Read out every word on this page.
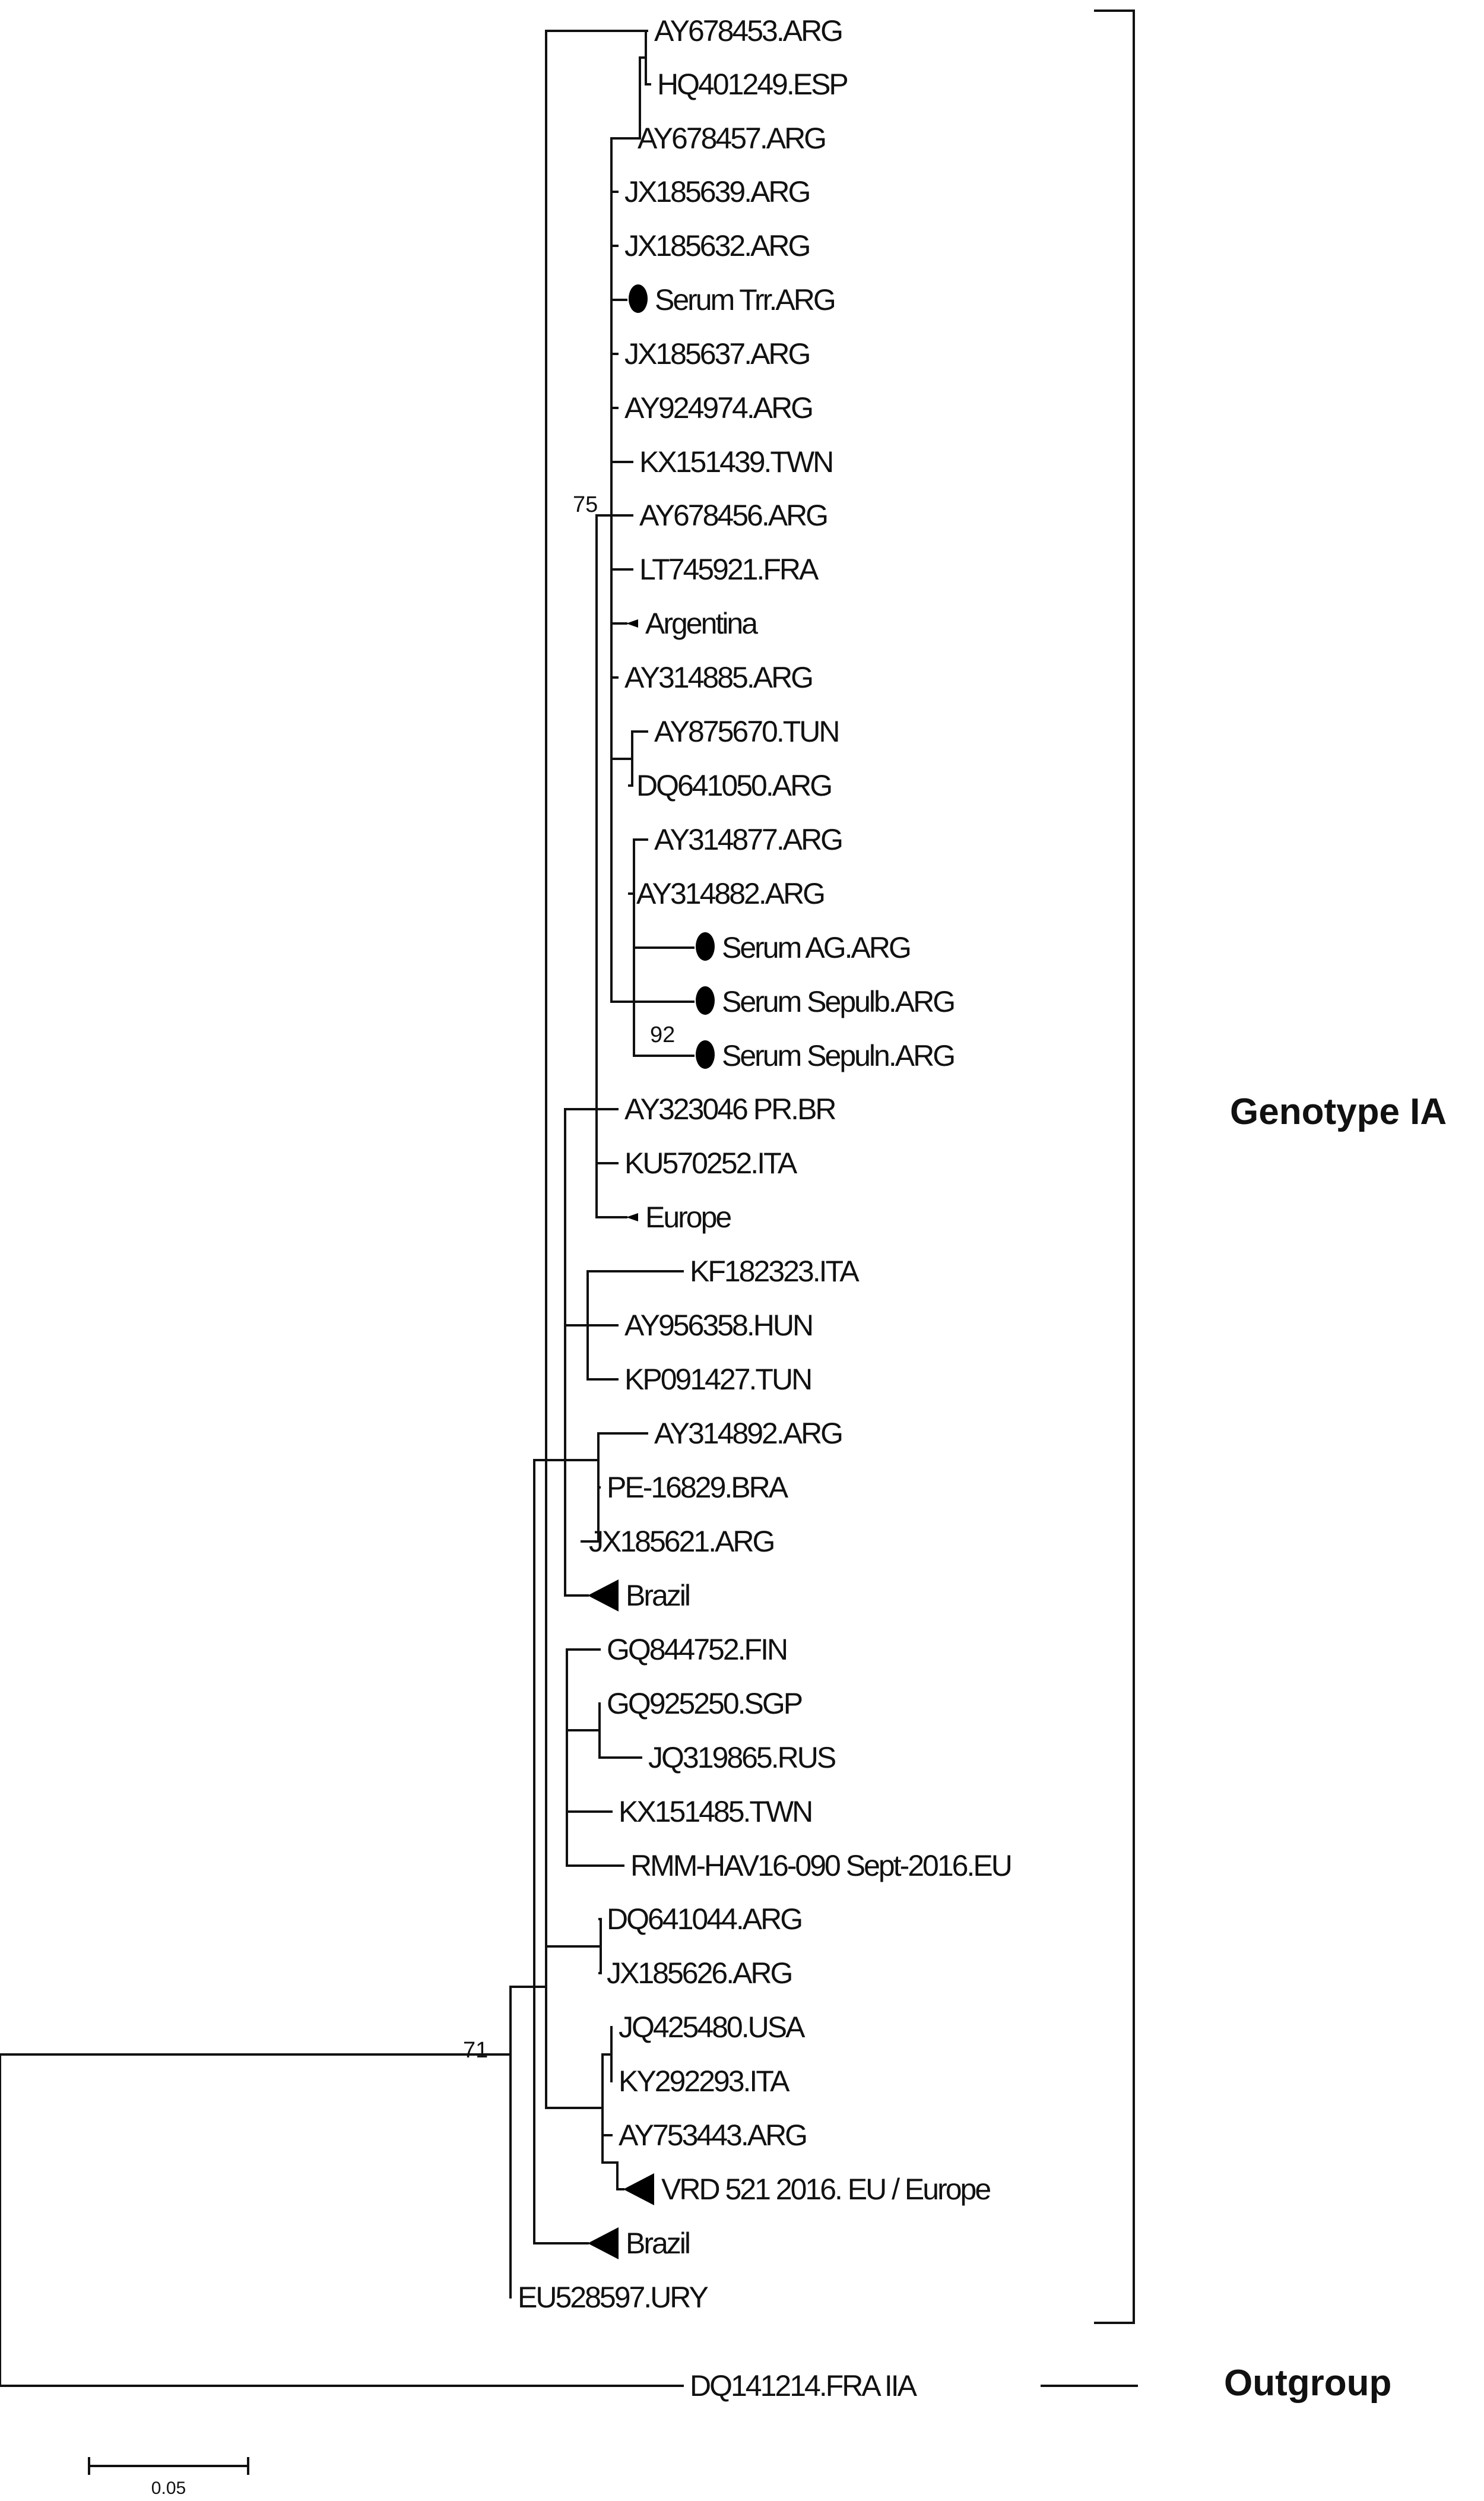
AY678453.ARG
HQ401249.ESP
AY678457.ARG
JX185639.ARG
JX185632.ARG
Serum Trr.ARG
JX185637.ARG
AY924974.ARG
KX151439.TWN
AY678456.ARG
LT745921.FRA
Argentina
AY314885.ARG
AY875670.TUN
DQ641050.ARG
AY314877.ARG
AY314882.ARG
Serum AG.ARG
Serum Sepulb.ARG
Serum Sepuln.ARG
AY323046 PR.BR
KU570252.ITA
Europe
KF182323.ITA
AY956358.HUN
KP091427.TUN
AY314892.ARG
PE-16829.BRA
JX185621.ARG
Brazil
GQ844752.FIN
GQ925250.SGP
JQ319865.RUS
KX151485.TWN
RMM-HAV16-090 Sept-2016.EU
DQ641044.ARG
JX185626.ARG
JQ425480.USA
KY292293.ITA
AY753443.ARG
VRD 521 2016. EU / Europe
Brazil
EU528597.URY
DQ141214.FRA IIA
75
92
71
Genotype IA
Outgroup
0.05
